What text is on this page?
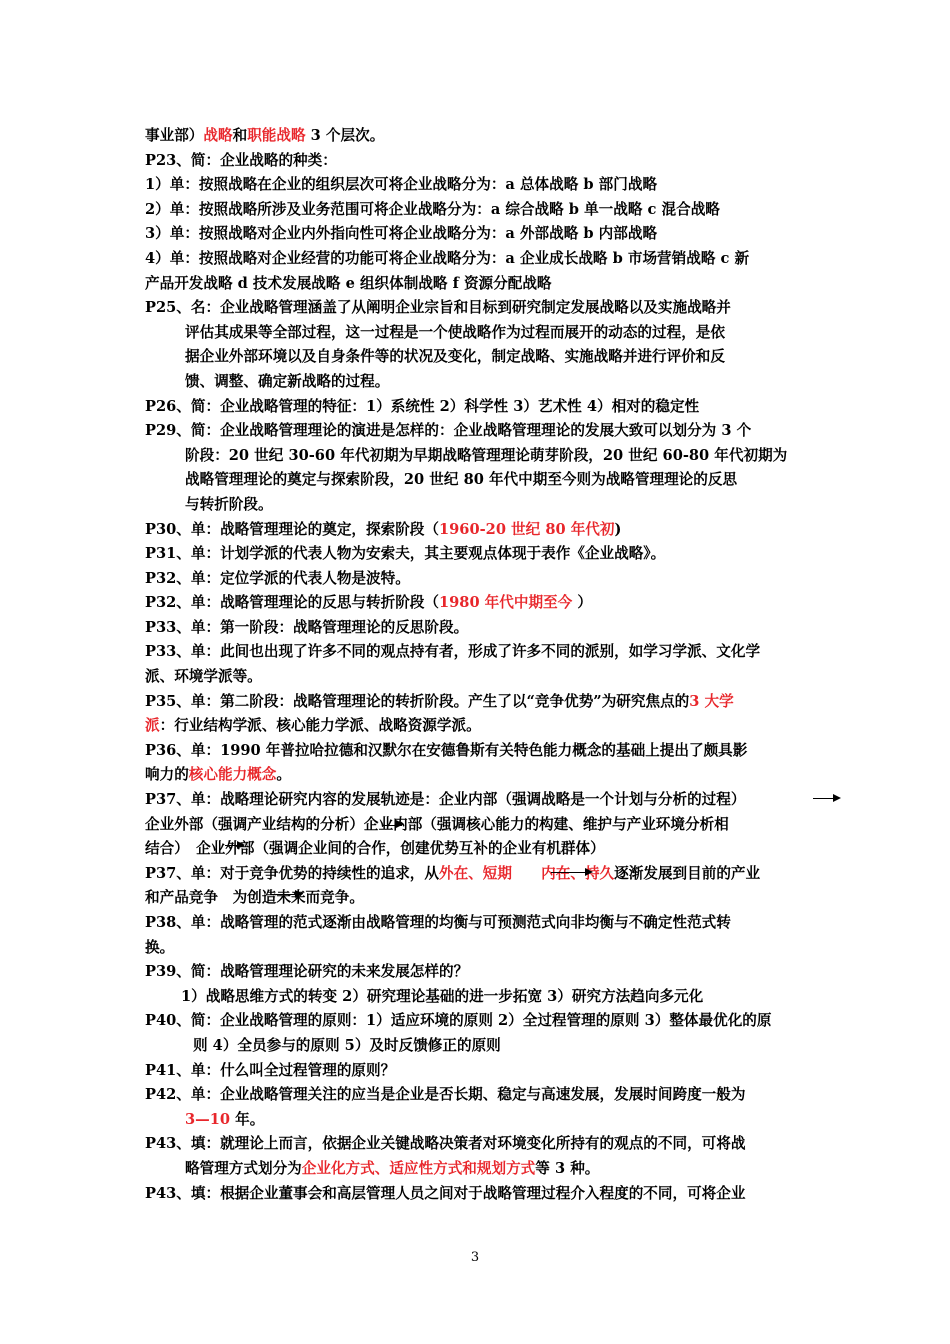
事业部）战略和职能战略 3 个层次。
P23、简：企业战略的种类：
1）单：按照战略在企业的组织层次可将企业战略分为：a 总体战略 b 部门战略
2）单：按照战略所涉及业务范围可将企业战略分为：a 综合战略 b 单一战略 c 混合战略
3）单：按照战略对企业内外指向性可将企业战略分为：a 外部战略 b 内部战略
4）单：按照战略对企业经营的功能可将企业战略分为：a 企业成长战略 b 市场营销战略 c 新
产品开发战略 d 技术发展战略 e 组织体制战略 f 资源分配战略
P25、名：企业战略管理涵盖了从阐明企业宗旨和目标到研究制定发展战略以及实施战略并
评估其成果等全部过程，这一过程是一个使战略作为过程而展开的动态的过程，是依
据企业外部环境以及自身条件等的状况及变化，制定战略、实施战略并进行评价和反
馈、调整、确定新战略的过程。
P26、简：企业战略管理的特征：1）系统性 2）科学性 3）艺术性 4）相对的稳定性
P29、简：企业战略管理理论的演进是怎样的：企业战略管理理论的发展大致可以划分为 3 个
阶段：20 世纪 30-60 年代初期为早期战略管理理论萌芽阶段，20 世纪 60-80 年代初期为
战略管理理论的奠定与探索阶段，20 世纪 80 年代中期至今则为战略管理理论的反思
与转折阶段。
P30、单：战略管理理论的奠定，探索阶段（1960-20 世纪 80 年代初)
P31、单：计划学派的代表人物为安索夫，其主要观点体现于表作《企业战略》。
P32、单：定位学派的代表人物是波特。
P32、单：战略管理理论的反思与转折阶段（1980 年代中期至今 ）
P33、单：第一阶段：战略管理理论的反思阶段。
P33、单：此间也出现了许多不同的观点持有者，形成了许多不同的派别，如学习学派、文化学
派、环境学派等。
P35、单：第二阶段：战略管理理论的转折阶段。产生了以“竞争优势”为研究焦点的3 大学
派：行业结构学派、核心能力学派、战略资源学派。
P36、单：1990 年普拉哈拉德和汉默尔在安德鲁斯有关特色能力概念的基础上提出了颇具影
响力的核心能力概念。
P37、单：战略理论研究内容的发展轨迹是：企业内部（强调战略是一个计划与分析的过程）
企业外部（强调产业结构的分析）企业内部（强调核心能力的构建、维护与产业环境分析相
结合）　企业外部（强调企业间的合作，创建优势互补的企业有机群体）
P37、单：对于竞争优势的持续性的追求，从外在、短期　　 内在、持久逐渐发展到目前的产业
和产品竞争　为创造未来而竞争。
P38、单：战略管理的范式逐渐由战略管理的均衡与可预测范式向非均衡与不确定性范式转
换。
P39、简：战略管理理论研究的未来发展怎样的？
1）战略思维方式的转变 2）研究理论基础的进一步拓宽 3）研究方法趋向多元化
P40、简：企业战略管理的原则：1）适应环境的原则 2）全过程管理的原则 3）整体最优化的原
则 4）全员参与的原则 5）及时反馈修正的原则
P41、单：什么叫全过程管理的原则？
P42、单：企业战略管理关注的应当是企业是否长期、稳定与高速发展，发展时间跨度一般为
3—10 年。
P43、填：就理论上而言，依据企业关键战略决策者对环境变化所持有的观点的不同，可将战
略管理方式划分为企业化方式、适应性方式和规划方式等 3 种。
P43、填：根据企业董事会和高层管理人员之间对于战略管理过程介入程度的不同，可将企业
3
